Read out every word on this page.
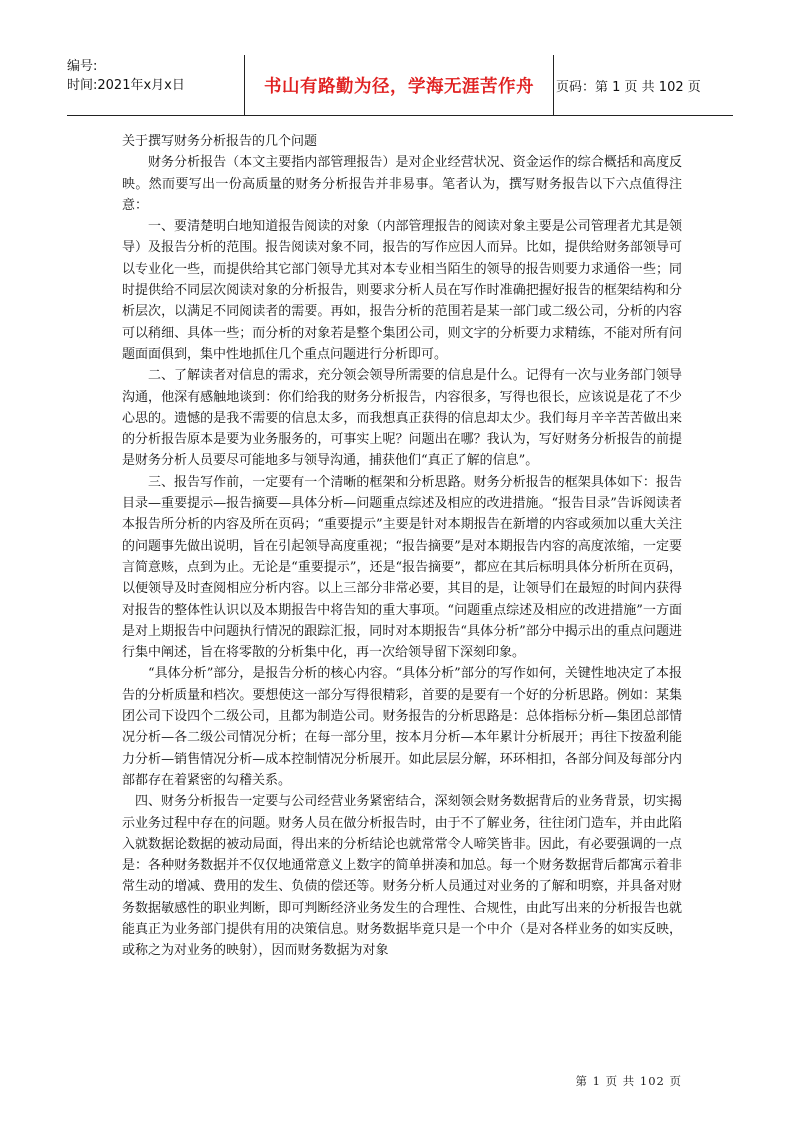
编号:
时间:2021年x月x日	书山有路勤为径，学海无涯苦作舟 页码：第 1 页 共 102 页

关于撰写财务分析报告的几个问题

财务分析报告（本文主要指内部管理报告）是对企业经营状况、资金运作的综合概括和高度反映。然而要写出一份高质量的财务分析报告并非易事。笔者认为，撰写财务报告以下六点值得注意：

一、要清楚明白地知道报告阅读的对象（内部管理报告的阅读对象主要是公司管理者尤其是领导）及报告分析的范围。报告阅读对象不同，报告的写作应因人而异。比如，提供给财务部领导可以专业化一些，而提供给其它部门领导尤其对本专业相当陌生的领导的报告则要力求通俗一些；同时提供给不同层次阅读对象的分析报告，则要求分析人员在写作时准确把握好报告的框架结构和分析层次，以满足不同阅读者的需要。再如，报告分析的范围若是某一部门或二级公司，分析的内容可以稍细、具体一些；而分析的对象若是整个集团公司，则文字的分析要力求精练，不能对所有问题面面俱到，集中性地抓住几个重点问题进行分析即可。

二、了解读者对信息的需求，充分领会领导所需要的信息是什么。记得有一次与业务部门领导沟通，他深有感触地谈到：你们给我的财务分析报告，内容很多，写得也很长，应该说是花了不少心思的。遗憾的是我不需要的信息太多，而我想真正获得的信息却太少。我们每月辛辛苦苦做出来的分析报告原本是要为业务服务的，可事实上呢？问题出在哪？我认为，写好财务分析报告的前提是财务分析人员要尽可能地多与领导沟通，捕获他们“真正了解的信息”。

三、报告写作前，一定要有一个清晰的框架和分析思路。财务分析报告的框架具体如下：报告目录—重要提示—报告摘要—具体分析—问题重点综述及相应的改进措施。“报告目录”告诉阅读者本报告所分析的内容及所在页码；“重要提示”主要是针对本期报告在新增的内容或须加以重大关注的问题事先做出说明，旨在引起领导高度重视；“报告摘要”是对本期报告内容的高度浓缩，一定要言简意赅，点到为止。无论是“重要提示”，还是“报告摘要”，都应在其后标明具体分析所在页码，以便领导及时查阅相应分析内容。以上三部分非常必要，其目的是，让领导们在最短的时间内获得对报告的整体性认识以及本期报告中将告知的重大事项。“问题重点综述及相应的改进措施”一方面是对上期报告中问题执行情况的跟踪汇报，同时对本期报告“具体分析”部分中揭示出的重点问题进行集中阐述，旨在将零散的分析集中化，再一次给领导留下深刻印象。

“具体分析”部分，是报告分析的核心内容。“具体分析”部分的写作如何，关键性地决定了本报告的分析质量和档次。要想使这一部分写得很精彩，首要的是要有一个好的分析思路。例如：某集团公司下设四个二级公司，且都为制造公司。财务报告的分析思路是：总体指标分析—集团总部情况分析—各二级公司情况分析；在每一部分里，按本月分析—本年累计分析展开；再往下按盈利能力分析—销售情况分析—成本控制情况分析展开。如此层层分解，环环相扣，各部分间及每部分内部都存在着紧密的勾稽关系。

四、财务分析报告一定要与公司经营业务紧密结合，深刻领会财务数据背后的业务背景，切实揭示业务过程中存在的问题。财务人员在做分析报告时，由于不了解业务，往往闭门造车，并由此陷入就数据论数据的被动局面，得出来的分析结论也就常常令人啼笑皆非。因此，有必要强调的一点是：各种财务数据并不仅仅地通常意义上数字的简单拼凑和加总。每一个财务数据背后都寓示着非常生动的增减、费用的发生、负债的偿还等。财务分析人员通过对业务的了解和明察，并具备对财务数据敏感性的职业判断，即可判断经济业务发生的合理性、合规性，由此写出来的分析报告也就能真正为业务部门提供有用的决策信息。财务数据毕竟只是一个中介（是对各样业务的如实反映，或称之为对业务的映射），因而财务数据为对象

第 1 页 共 102 页
